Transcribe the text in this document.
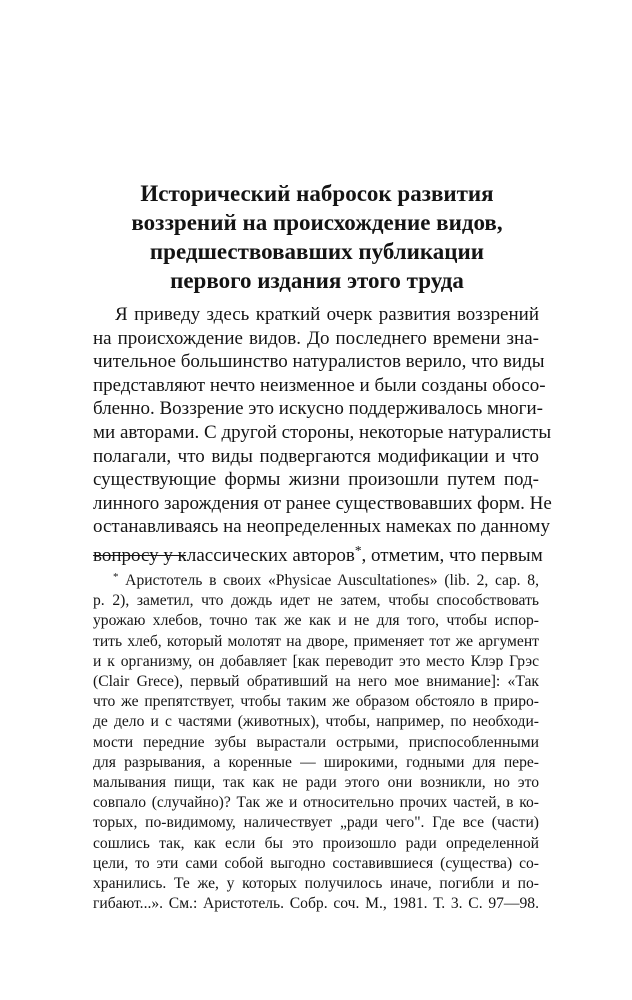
Исторический набросок развития
воззрений на происхождение видов,
предшествовавших публикации
первого издания этого труда
Я приведу здесь краткий очерк развития воззрений
на происхождение видов. До последнего времени зна-
чительное большинство натуралистов верило, что виды
представляют нечто неизменное и были созданы обосо-
бленно. Воззрение это искусно поддерживалось многи-
ми авторами. С другой стороны, некоторые натуралисты
полагали, что виды подвергаются модификации и что
существующие формы жизни произошли путем под-
линного зарождения от ранее существовавших форм. Не
останавливаясь на неопределенных намеках по данному
вопросу у классических авторов*, отметим, что первым
* Аристотель в своих «Physicae Auscultationes» (lib. 2, cap. 8,
p. 2), заметил, что дождь идет не затем, чтобы способствовать
урожаю хлебов, точно так же как и не для того, чтобы испор-
тить хлеб, который молотят на дворе, применяет тот же аргумент
и к организму, он добавляет [как переводит это место Клэр Грэс
(Clair Grece), первый обративший на него мое внимание]: «Так
что же препятствует, чтобы таким же образом обстояло в приро-
де дело и с частями (животных), чтобы, например, по необходи-
мости передние зубы вырастали острыми, приспособленными
для разрывания, а коренные — широкими, годными для пере-
малывания пищи, так как не ради этого они возникли, но это
совпало (случайно)? Так же и относительно прочих частей, в ко-
торых, по-видимому, наличествует „ради чего". Где все (части)
сошлись так, как если бы это произошло ради определенной
цели, то эти сами собой выгодно составившиеся (существа) со-
хранились. Те же, у которых получилось иначе, погибли и по-
гибают...». См.: Аристотель. Собр. соч. М., 1981. Т. 3. С. 97—98.
